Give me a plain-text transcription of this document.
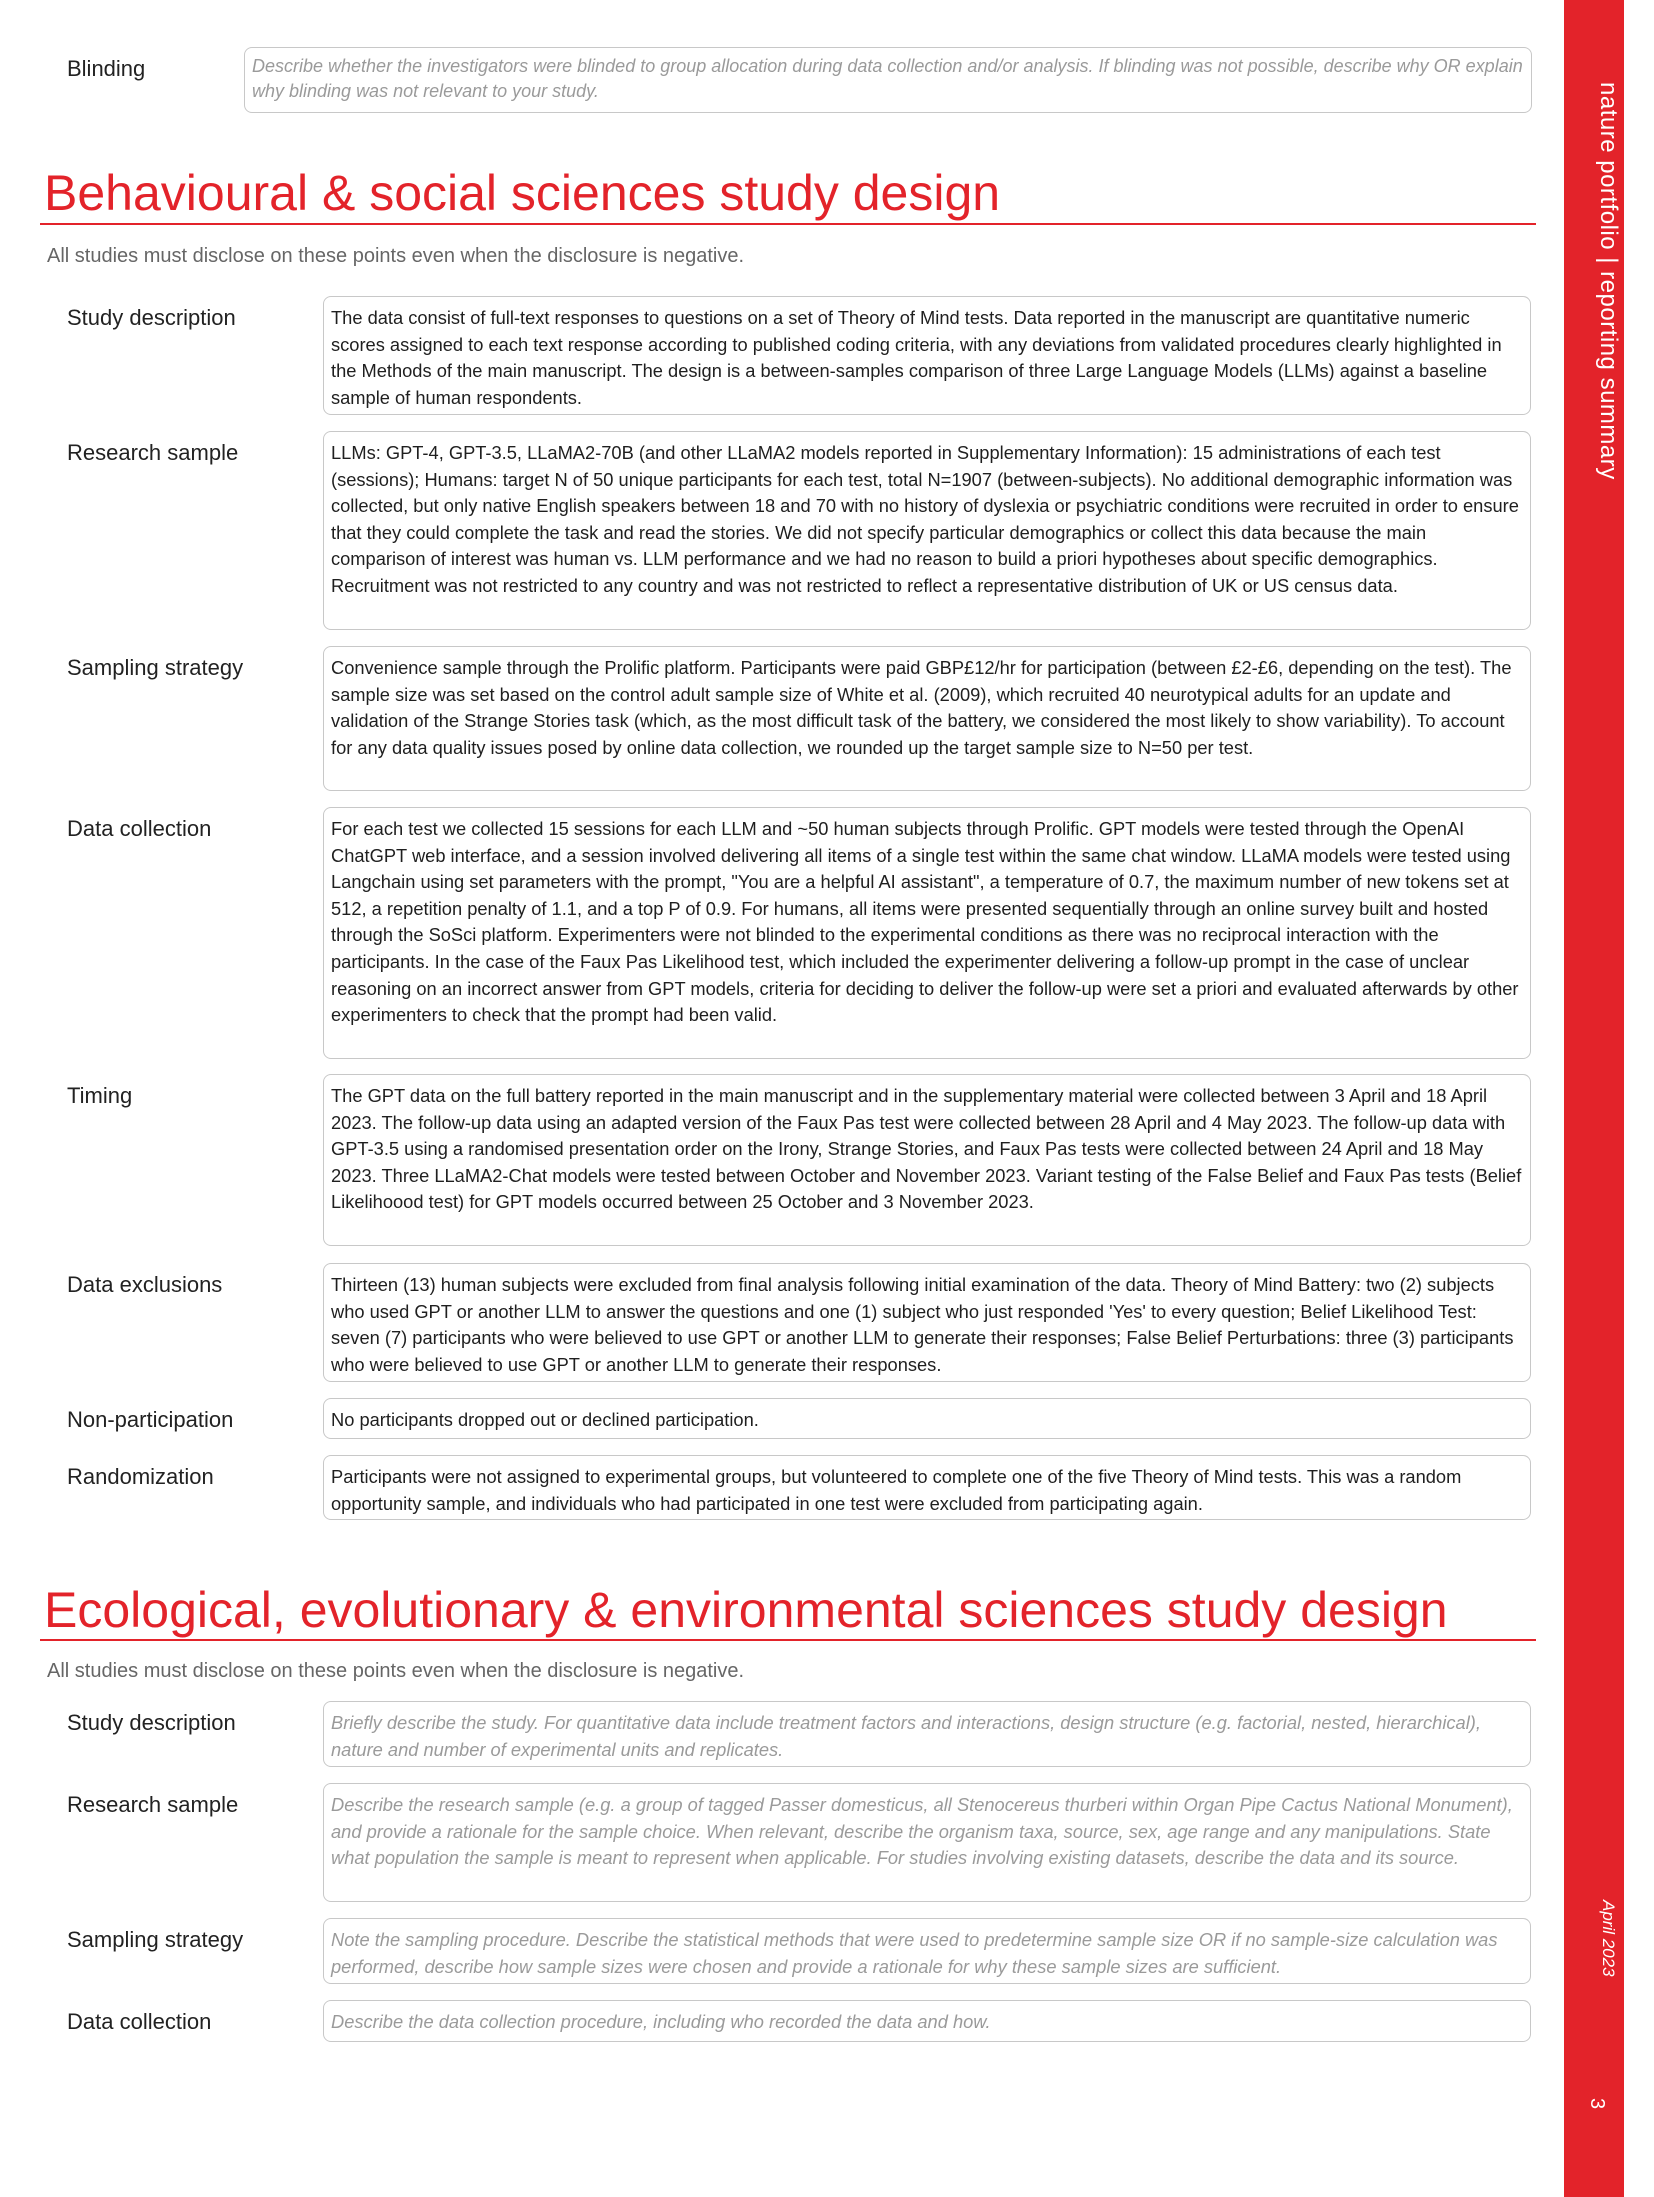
nature portfolio | reporting summary
April 2023
3
Blinding	Describe whether the investigators were blinded to group allocation during data collection and/or analysis. If blinding was not possible, describe why OR explain why blinding was not relevant to your study.
Behavioural & social sciences study design
All studies must disclose on these points even when the disclosure is negative.
Study description	The data consist of full-text responses to questions on a set of Theory of Mind tests. Data reported in the manuscript are quantitative numeric scores assigned to each text response according to published coding criteria, with any deviations from validated procedures clearly highlighted in the Methods of the main manuscript. The design is a between-samples comparison of three Large Language Models (LLMs) against a baseline sample of human respondents.
Research sample	LLMs: GPT-4, GPT-3.5, LLaMA2-70B (and other LLaMA2 models reported in Supplementary Information): 15 administrations of each test (sessions); Humans: target N of 50 unique participants for each test, total N=1907 (between-subjects). No additional demographic information was collected, but only native English speakers between 18 and 70 with no history of dyslexia or psychiatric conditions were recruited in order to ensure that they could complete the task and read the stories. We did not specify particular demographics or collect this data because the main comparison of interest was human vs. LLM performance and we had no reason to build a priori hypotheses about specific demographics. Recruitment was not restricted to any country and was not restricted to reflect a representative distribution of UK or US census data.
Sampling strategy	Convenience sample through the Prolific platform. Participants were paid GBP£12/hr for participation (between £2-£6, depending on the test). The sample size was set based on the control adult sample size of White et al. (2009), which recruited 40 neurotypical adults for an update and validation of the Strange Stories task (which, as the most difficult task of the battery, we considered the most likely to show variability). To account for any data quality issues posed by online data collection, we rounded up the target sample size to N=50 per test.
Data collection	For each test we collected 15 sessions for each LLM and ~50 human subjects through Prolific. GPT models were tested through the OpenAI ChatGPT web interface, and a session involved delivering all items of a single test within the same chat window. LLaMA models were tested using Langchain using set parameters with the prompt, "You are a helpful AI assistant", a temperature of 0.7, the maximum number of new tokens set at 512, a repetition penalty of 1.1, and a top P of 0.9. For humans, all items were presented sequentially through an online survey built and hosted through the SoSci platform. Experimenters were not blinded to the experimental conditions as there was no reciprocal interaction with the participants. In the case of the Faux Pas Likelihood test, which included the experimenter delivering a follow-up prompt in the case of unclear reasoning on an incorrect answer from GPT models, criteria for deciding to deliver the follow-up were set a priori and evaluated afterwards by other experimenters to check that the prompt had been valid.
Timing	The GPT data on the full battery reported in the main manuscript and in the supplementary material were collected between 3 April and 18 April 2023. The follow-up data using an adapted version of the Faux Pas test were collected between 28 April and 4 May 2023. The follow-up data with GPT-3.5 using a randomised presentation order on the Irony, Strange Stories, and Faux Pas tests were collected between 24 April and 18 May 2023. Three LLaMA2-Chat models were tested between October and November 2023. Variant testing of the False Belief and Faux Pas tests (Belief Likelihoood test) for GPT models occurred between 25 October and 3 November 2023.
Data exclusions	Thirteen (13) human subjects were excluded from final analysis following initial examination of the data. Theory of Mind Battery: two (2) subjects who used GPT or another LLM to answer the questions and one (1) subject who just responded 'Yes' to every question; Belief Likelihood Test: seven (7) participants who were believed to use GPT or another LLM to generate their responses; False Belief Perturbations: three (3) participants who were believed to use GPT or another LLM to generate their responses.
Non-participation	No participants dropped out or declined participation.
Randomization	Participants were not assigned to experimental groups, but volunteered to complete one of the five Theory of Mind tests. This was a random opportunity sample, and individuals who had participated in one test were excluded from participating again.
Ecological, evolutionary & environmental sciences study design
All studies must disclose on these points even when the disclosure is negative.
Study description	Briefly describe the study. For quantitative data include treatment factors and interactions, design structure (e.g. factorial, nested, hierarchical), nature and number of experimental units and replicates.
Research sample	Describe the research sample (e.g. a group of tagged Passer domesticus, all Stenocereus thurberi within Organ Pipe Cactus National Monument), and provide a rationale for the sample choice. When relevant, describe the organism taxa, source, sex, age range and any manipulations. State what population the sample is meant to represent when applicable. For studies involving existing datasets, describe the data and its source.
Sampling strategy	Note the sampling procedure. Describe the statistical methods that were used to predetermine sample size OR if no sample-size calculation was performed, describe how sample sizes were chosen and provide a rationale for why these sample sizes are sufficient.
Data collection	Describe the data collection procedure, including who recorded the data and how.
